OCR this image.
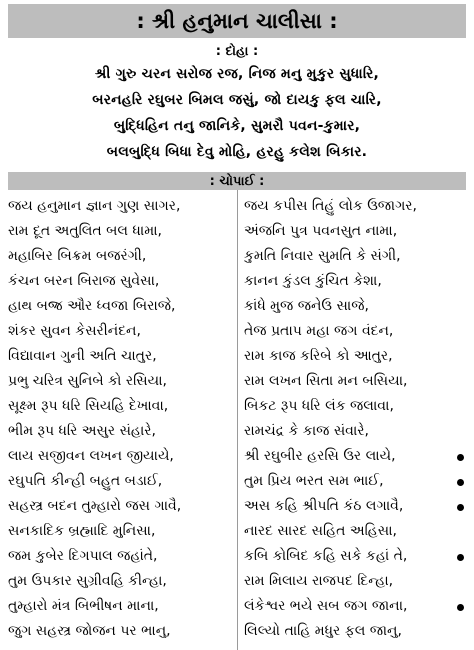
: શ્રી હનુમાન ચાલીસા :
: દોહા :
શ્રી ગુરુ ચરન સરોજ રજ, નિજ મનુ મુકુર સુધારિ,
બરનહરિ રઘુબર બિમલ જસું, જો દાયકુ ફલ ચારિ,
બુદ્ધિહિન તનુ જાનિકે, સુમરૌ પવન-કુમાર,
બલબુદ્ધિ બિધા દેવુ મોહિ, હરહુ કલેશ બિકાર.
: ચોપાઈ :
જય હનુમાન જ્ઞાન ગુણ સાગર,	જય કપીસ તિહું લોક ઉજાગર,
રામ દૂત અતુલિત બલ ધામા,	અંજનિ પુત્ર પવનસુત નામા,
મહાબિર બિક્રમ બજરંગી,	કુમતિ નિવાર સુમતિ કે સંગી,
કંચન બરન બિરાજ સુવેસા,	કાનન કુંડલ કુંચિત કેશા,
હાથ બજ્ર ઔર ધ્વજા બિરાજે,	કાંધે મુજ જનેઉ સાજે,
શંકર સુવન કેસરીનંદન,	તેજ પ્રતાપ મહા જગ વંદન,
વિદ્યાવાન ગુની અતિ ચાતુર,	રામ કાજ કરિબે કો આતુર,
પ્રભુ ચરિત્ર સુનિબે કો રસિયા,	રામ લખન સિતા મન બસિયા,
સૂક્ષ્મ રૂપ ધરિ સિયહિ દેખાવા,	બિકટ રૂપ ધરિ લંક જલાવા,
ભીમ રૂપ ધરિ અસુર સંહારે,	રામચંદ્ર કે કાજ સંવારે,
લાય સજીવન લખન જીયાયે,	શ્રી રઘુબીર હરસિ ઉર લાયે,
રઘુપતિ કીન્હી બહુત બડાઈ,	તુમ પ્રિય ભરત સમ ભાઈ,
સહસ્ત્ર બદન તુમ્હારો જસ ગાવૈ,	અસ કહિ શ્રીપતિ કંઠ લગાવૈ,
સનકાદિક બ્રહ્માદિ મુનિસા,	નારદ સારદ સહિત અહિસા,
જમ કુબેર દિગપાલ જહાંતે,	કબિ કોબિદ કહિ સકે કહાં તે,
તુમ ઉપકાર સુગ્રીવહિ કીન્હા,	રામ મિલાય રાજપદ દિન્હા,
તુમ્હારો મંત્ર બિભીષન માના,	લંકેશ્વર ભયે સબ જગ જાના,
જુગ સહસ્ત્ર જોજન પર ભાનુ,	લિલ્યો તાહિ મધુર ફલ જાનુ,
